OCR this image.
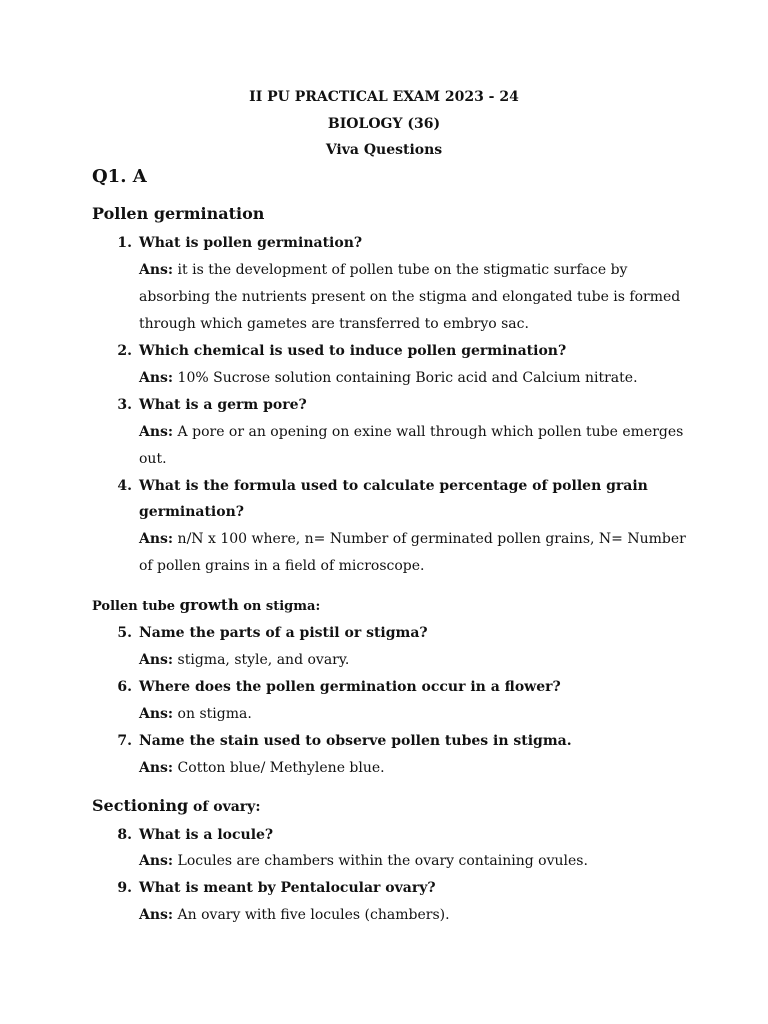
II PU PRACTICAL EXAM 2023 - 24
BIOLOGY (36)
Viva Questions
Q1. A
Pollen germination
1. What is pollen germination?
Ans: it is the development of pollen tube on the stigmatic surface by
absorbing the nutrients present on the stigma and elongated tube is formed
through which gametes are transferred to embryo sac.
2. Which chemical is used to induce pollen germination?
Ans: 10% Sucrose solution containing Boric acid and Calcium nitrate.
3. What is a germ pore?
Ans: A pore or an opening on exine wall through which pollen tube emerges
out.
4. What is the formula used to calculate percentage of pollen grain
germination?
Ans: n/N x 100 where, n= Number of germinated pollen grains, N= Number
of pollen grains in a field of microscope.
Pollen tube growth on stigma:
5. Name the parts of a pistil or stigma?
Ans: stigma, style, and ovary.
6. Where does the pollen germination occur in a flower?
Ans: on stigma.
7. Name the stain used to observe pollen tubes in stigma.
Ans: Cotton blue/ Methylene blue.
Sectioning of ovary:
8. What is a locule?
Ans: Locules are chambers within the ovary containing ovules.
9. What is meant by Pentalocular ovary?
Ans: An ovary with five locules (chambers).
